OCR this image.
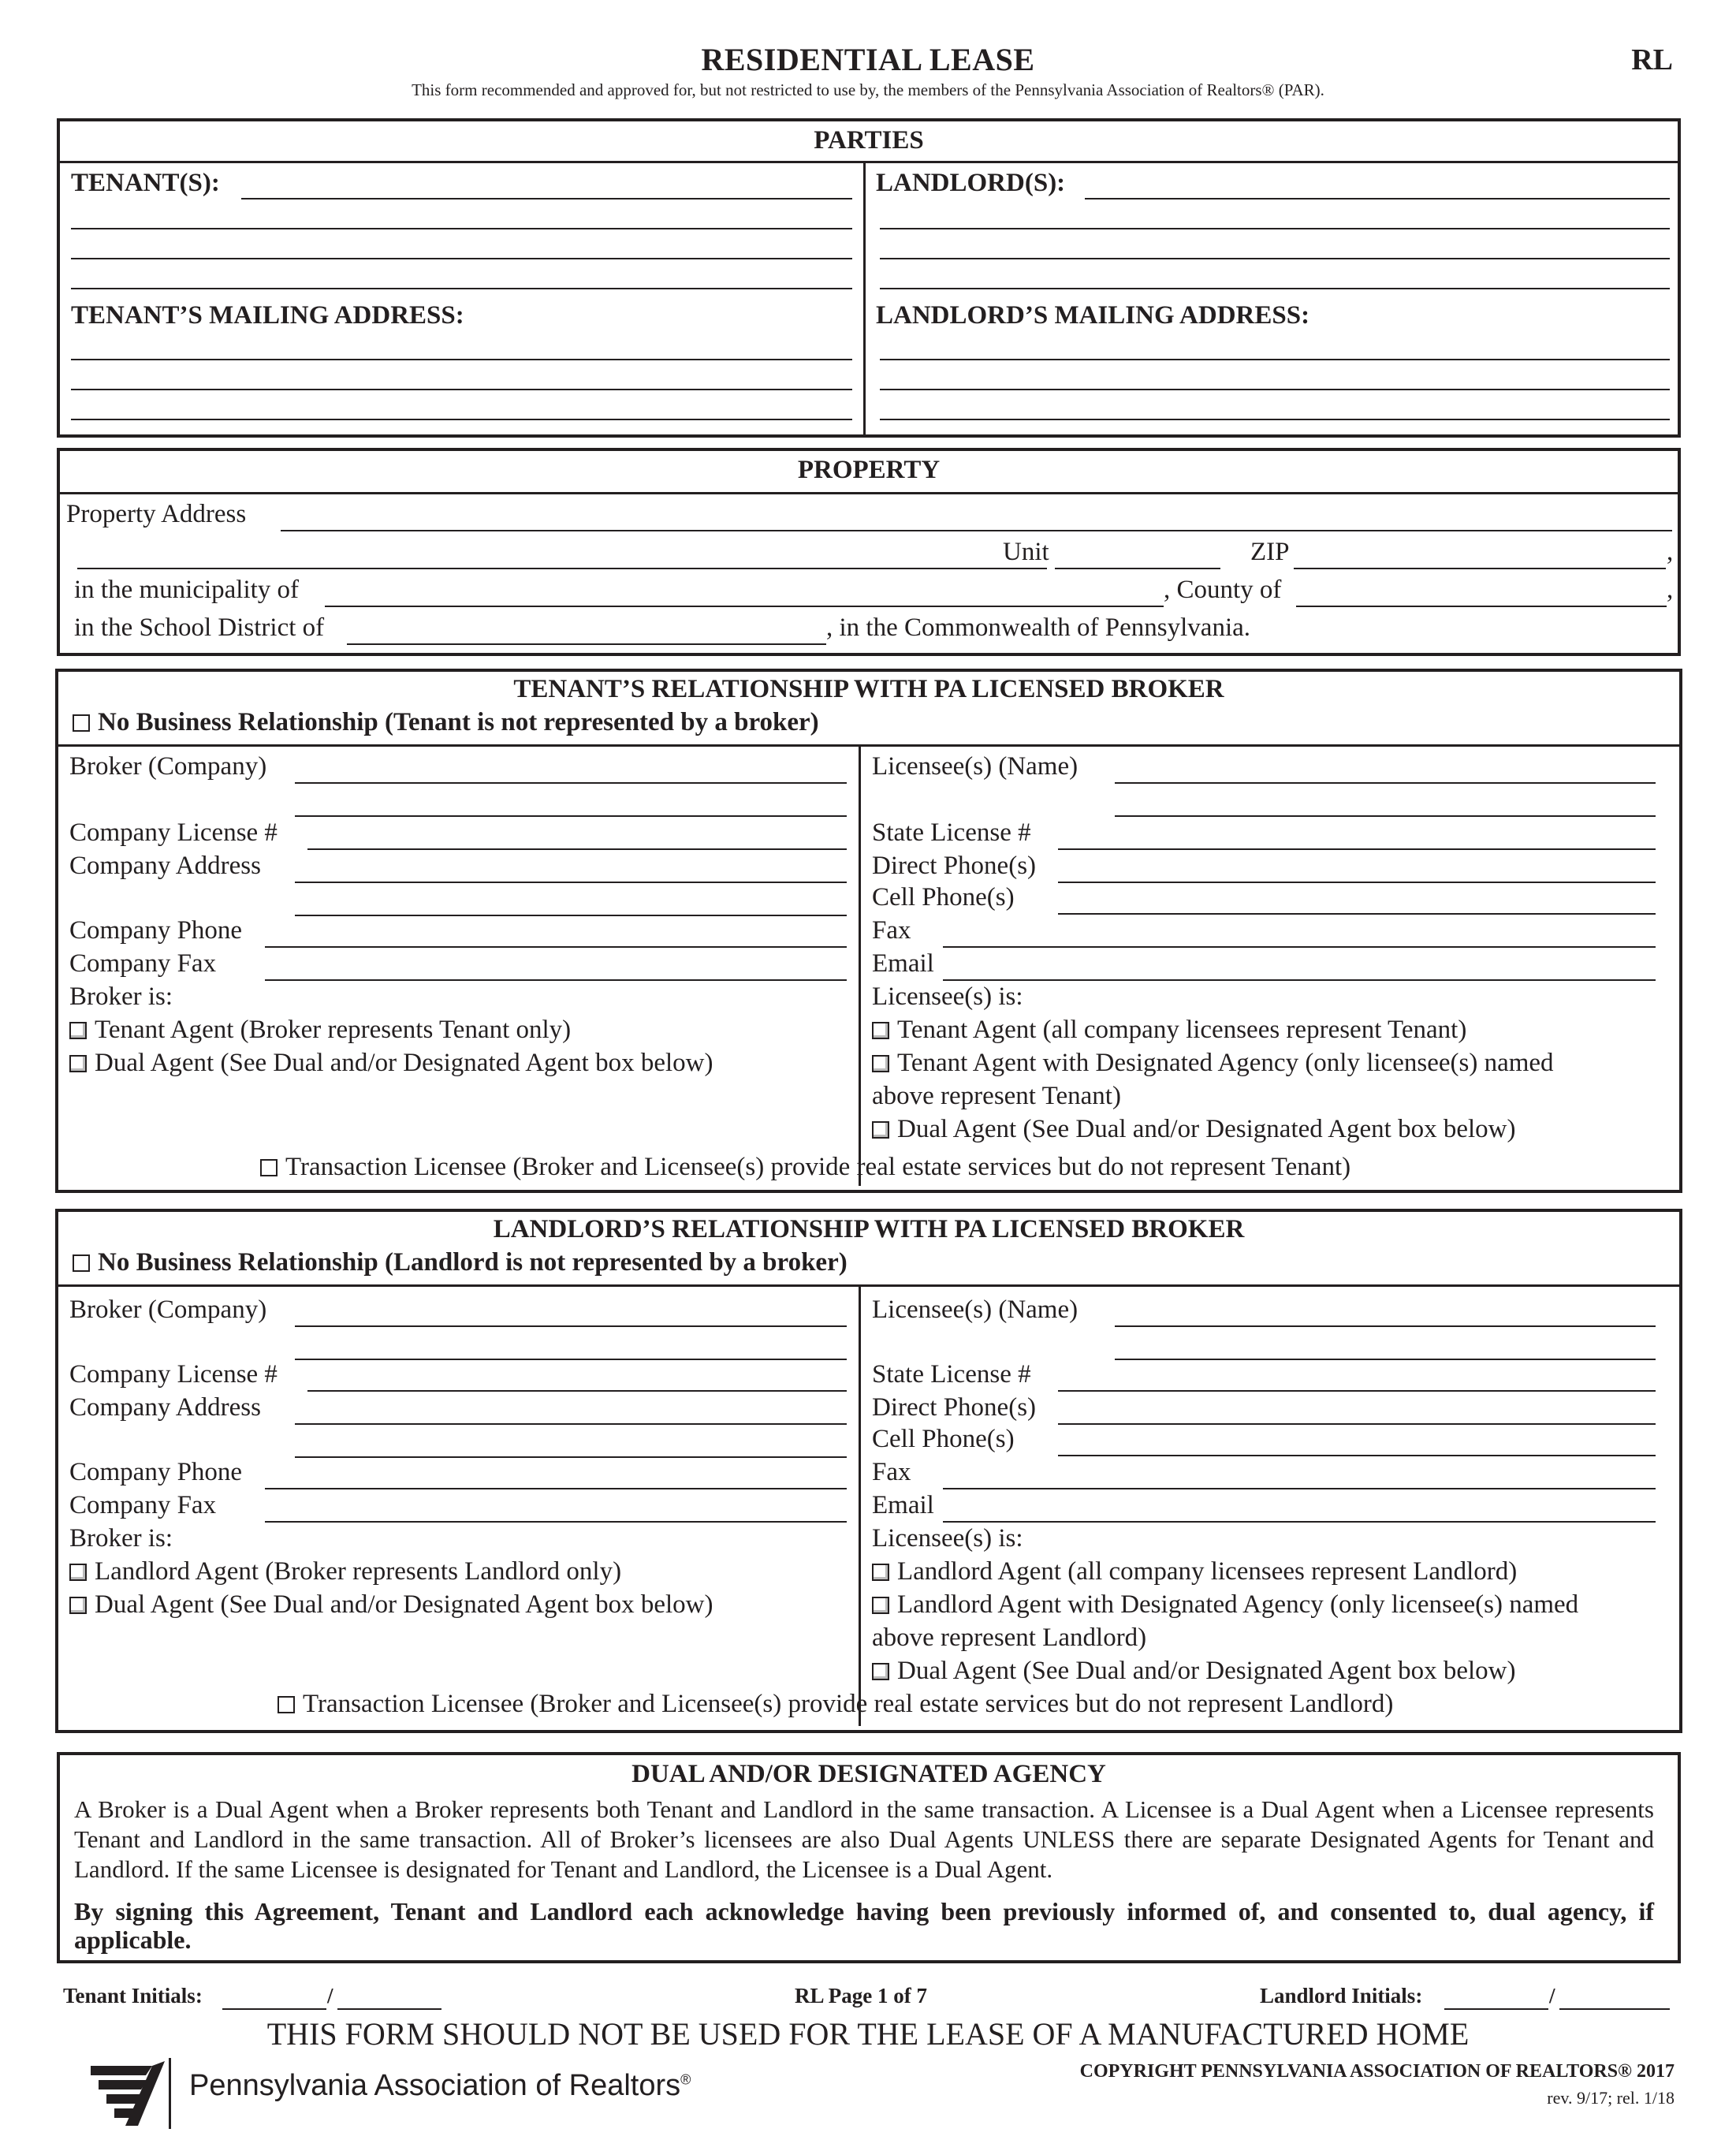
RESIDENTIAL LEASE	RL
This form recommended and approved for, but not restricted to use by, the members of the Pennsylvania Association of Realtors® (PAR).
PARTIES
TENANT(S):
TENANT’S MAILING ADDRESS:
LANDLORD(S):
LANDLORD’S MAILING ADDRESS:
PROPERTY
Property Address
Unit	ZIP	,
in the municipality of	, County of	,
in the School District of	, in the Commonwealth of Pennsylvania.
TENANT’S RELATIONSHIP WITH PA LICENSED BROKER
No Business Relationship (Tenant is not represented by a broker)
Broker (Company)
Company License #
Company Address
Company Phone
Company Fax
Broker is:
Tenant Agent (Broker represents Tenant only)
Dual Agent (See Dual and/or Designated Agent box below)
Licensee(s) (Name)
State License #
Direct Phone(s)
Cell Phone(s)
Fax
Email
Licensee(s) is:
Tenant Agent (all company licensees represent Tenant)
Tenant Agent with Designated Agency (only licensee(s) named
above represent Tenant)
Dual Agent (See Dual and/or Designated Agent box below)
Transaction Licensee (Broker and Licensee(s) provide real estate services but do not represent Tenant)
LANDLORD’S RELATIONSHIP WITH PA LICENSED BROKER
No Business Relationship (Landlord is not represented by a broker)
Broker (Company)
Company License #
Company Address
Company Phone
Company Fax
Broker is:
Landlord Agent (Broker represents Landlord only)
Dual Agent (See Dual and/or Designated Agent box below)
Licensee(s) (Name)
State License #
Direct Phone(s)
Cell Phone(s)
Fax
Email
Licensee(s) is:
Landlord Agent (all company licensees represent Landlord)
Landlord Agent with Designated Agency (only licensee(s) named
above represent Landlord)
Dual Agent (See Dual and/or Designated Agent box below)
Transaction Licensee (Broker and Licensee(s) provide real estate services but do not represent Landlord)
DUAL AND/OR DESIGNATED AGENCY
A Broker is a Dual Agent when a Broker represents both Tenant and Landlord in the same transaction. A Licensee is a Dual Agent when a Licensee represents Tenant and Landlord in the same transaction. All of Broker’s licensees are also Dual Agents UNLESS there are separate Designated Agents for Tenant and Landlord. If the same Licensee is designated for Tenant and Landlord, the Licensee is a Dual Agent.
By signing this Agreement, Tenant and Landlord each acknowledge having been previously informed of, and consented to, dual agency, if applicable.
Tenant Initials:	/	RL Page 1 of 7	Landlord Initials:	/
THIS FORM SHOULD NOT BE USED FOR THE LEASE OF A MANUFACTURED HOME
Pennsylvania Association of Realtors®	COPYRIGHT PENNSYLVANIA ASSOCIATION OF REALTORS® 2017
rev. 9/17; rel. 1/18
